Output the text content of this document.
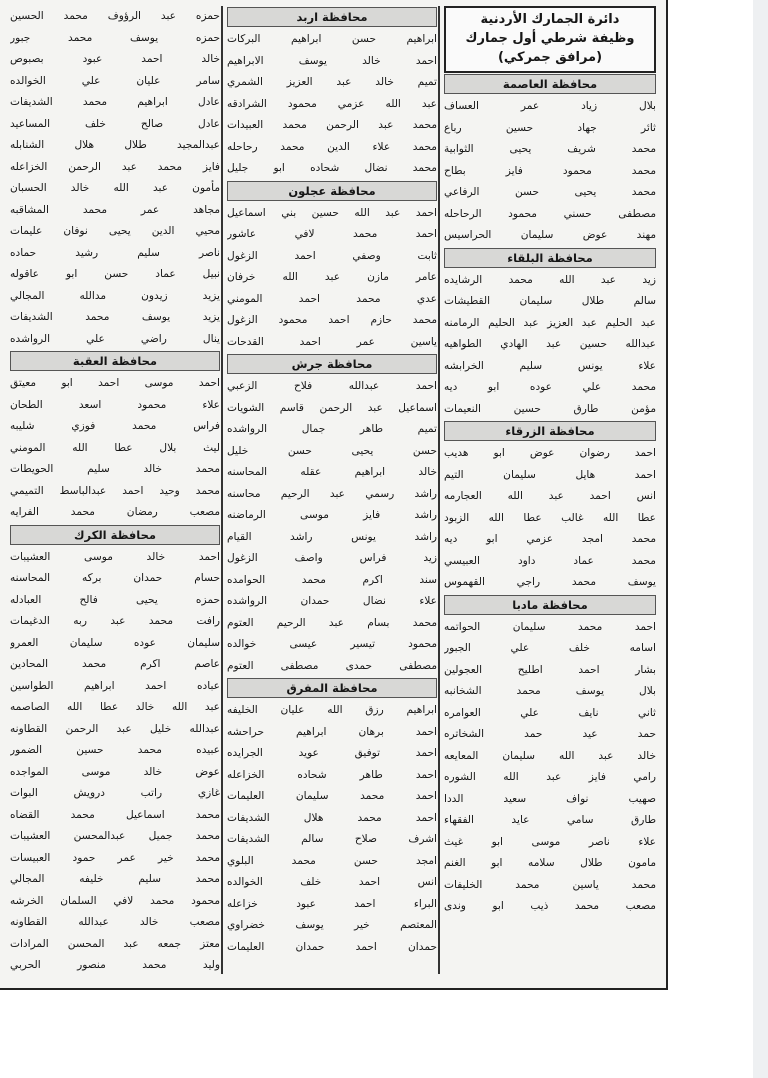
دائرة الجمارك الأردنية
وظيفة شرطي أول جمارك
(مرافق جمركي)
محافظة العاصمة
بلال زياد عمر العساف
ثائر جهاد حسين رباع
محمد شريف يحيى الثوابية
محمد محمود فايز بطاح
محمد يحيى حسن الرفاعي
مصطفى حسني محمود الرحاحله
مهند عوض سليمان الحراسيس
محافظة البلقاء
زيد عبد الله محمد الرشايده
سالم طلال سليمان القطيشات
عبد الحليم عبد العزيز عبد الحليم الرمامنه
عبدالله حسين عبد الهادي الطواهيه
علاء يونس سليم الخرابشه
محمد علي عوده ابو ديه
مؤمن طارق حسين النعيمات
محافظة الزرقاء
احمد رضوان عوض ابو هديب
احمد هايل سليمان التيم
انس احمد عبد الله العجارمه
عطا الله غالب عطا الله الزبود
محمد امجد عزمي ابو ديه
محمد عماد داود العبيسي
يوسف محمد راجي القهموس
محافظة مادبا
احمد محمد سليمان الحواتمه
اسامه خلف علي الجبور
بشار احمد اطليح العجولين
بلال يوسف محمد الشخانبه
ثاني نايف علي العوامره
حمد عيد حمد الشخاتره
خالد عبد الله سليمان المعايعه
رامي فايز عبد الله الشوره
صهيب نواف سعيد الددا
طارق سامي عايد الفقهاء
علاء ناصر موسى ابو غيث
مامون طلال سلامه ابو الغنم
محمد ياسين محمد الخليفات
مصعب محمد ذيب ابو وندى
محافظة اربد
ابراهيم حسن ابراهيم البركات
احمد خالد يوسف الابراهيم
تميم خالد عبد العزيز الشمري
عبد الله عزمي محمود الشرادقه
محمد عبد الرحمن محمد العبيدات
محمد علاء الدين محمد رحاحله
محمد نضال شحاده ابو جليل
محافظة عجلون
احمد عبد الله حسين بني اسماعيل
احمد محمد لافي عاشور
ثابت وصفي احمد الزغول
عامر مازن عبد الله خرفان
عدي محمد احمد المومني
محمد حازم احمد محمود الزغول
ياسين عمر احمد القدحات
محافظة جرش
احمد عبدالله فلاح الزعبي
اسماعيل عبد الرحمن قاسم الشويات
تميم طاهر جمال الرواشده
حسن يحيى حسن خليل
خالد ابراهيم عقله المحاسنه
راشد رسمي عبد الرحيم محاسنه
راشد فايز موسى الرماضنه
راشد يونس راشد القيام
زيد فراس واصف الزغول
سند اكرم محمد الحوامده
علاء نضال حمدان الرواشده
محمد بسام عبد الرحيم العتوم
محمود تيسير عيسى خوالده
مصطفى حمدى مصطفى العتوم
محافظة المفرق
ابراهيم رزق الله عليان الخليفه
احمد برهان ابراهيم حراحشه
احمد توفيق عويد الجرايده
احمد طاهر شحاده الخزاعله
احمد محمد سليمان العليمات
احمد محمد هلال الشديفات
اشرف صلاح سالم الشديفات
امجد حسن محمد البلوي
انس احمد خلف الخوالده
البراء احمد عبود خزاعله
المعتصم خير يوسف خضراوي
حمدان احمد حمدان العليمات
حمزه عبد الرؤوف محمد الحسين
حمزه يوسف محمد جبور
خالد احمد عبود بصبوص
سامر عليان علي الخوالده
عادل ابراهيم محمد الشديفات
عادل صالح خلف المساعيد
عبدالمجيد طلال هلال الشنابله
فايز محمد عبد الرحمن الخزاعله
مأمون عبد الله خالد الحسبان
مجاهد عمر محمد المشاقبه
محيي الدين يحيى نوفان عليمات
ناصر سليم رشيد حماده
نبيل عماد حسن ابو عاقوله
يزيد زيدون مدالله المجالي
يزيد يوسف محمد الشديفات
ينال راضي علي الرواشده
محافظة العقبة
احمد موسى احمد ابو معيتق
علاء محمود اسعد الطحان
فراس محمد فوزي شليبه
ليث بلال عطا الله المومني
محمد خالد سليم الحويطات
محمد وحيد احمد عبدالباسط التميمي
مصعب رمضان محمد الفرايه
محافظة الكرك
احمد خالد موسى العشيبات
حسام حمدان بركه المحاسنه
حمزه يحيى فالح العبادله
رافت محمد عبد ربه الدغيمات
سليمان عوده سليمان العمرو
عاصم اكرم محمد المحادين
عباده احمد ابراهيم الطواسين
عبد الله خالد عطا الله الصاصمه
عبدالله خليل عبد الرحمن القطاونه
عبيده محمد حسين الضمور
عوض خالد موسى المواجده
غازي راتب درويش البوات
محمد اسماعيل محمد القضاه
محمد جميل عبدالمحسن العشيبات
محمد خير عمر حمود العبيسات
محمد سليم خليفه المجالي
محمود محمد لافي السلمان الخرشه
مصعب خالد عبدالله القطاونه
معتز جمعه عبد المحسن المرادات
وليد محمد منصور الحربي
